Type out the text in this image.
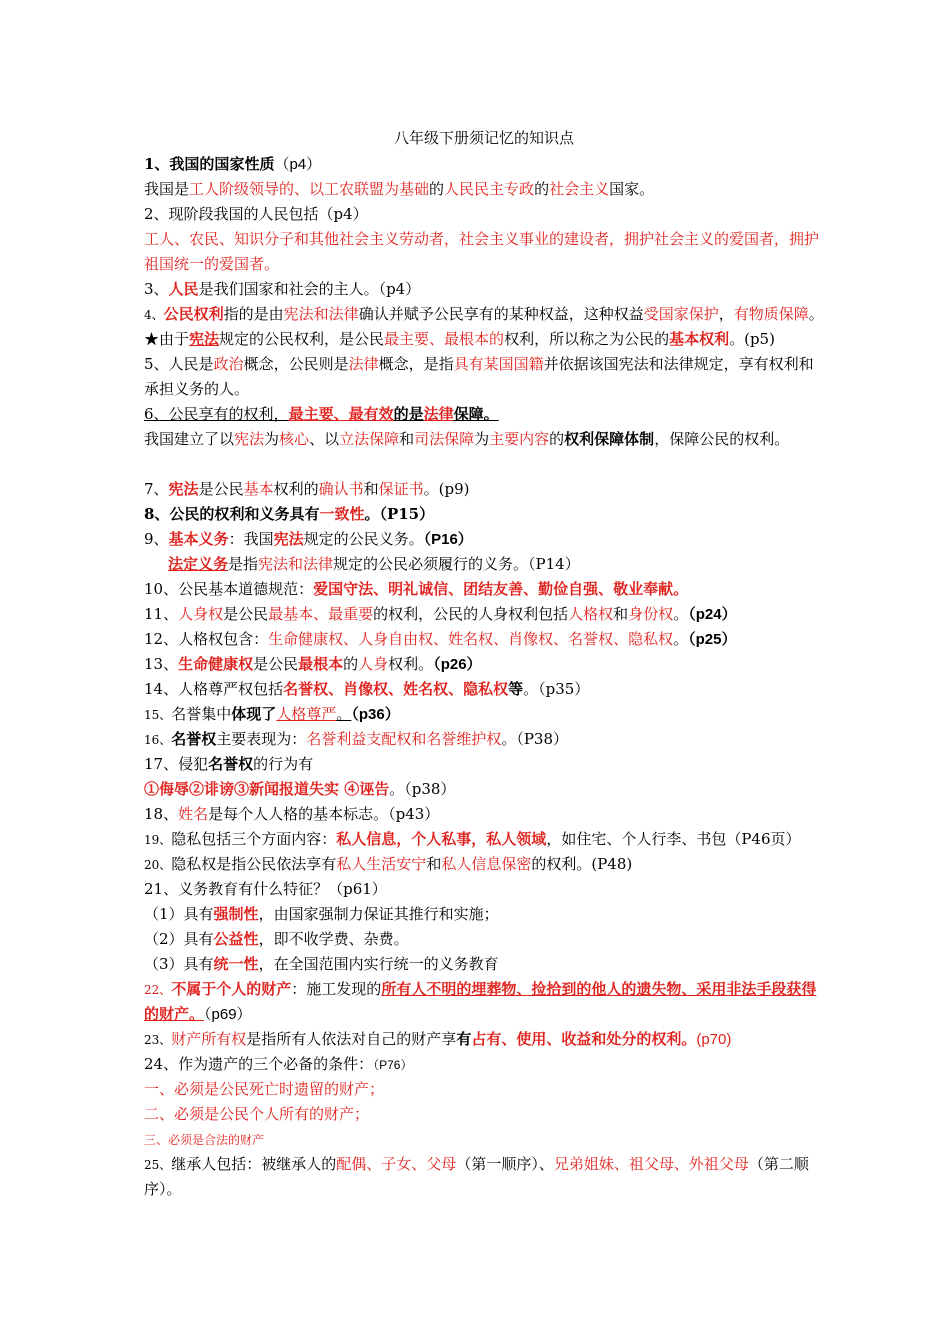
八年级下册须记忆的知识点
1、我国的国家性质（p4）
我国是工人阶级领导的、以工农联盟为基础的人民民主专政的社会主义国家。
2、现阶段我国的人民包括（p4）
工人、农民、知识分子和其他社会主义劳动者，社会主义事业的建设者，拥护社会主义的爱国者，拥护祖国统一的爱国者。
3、人民是我们国家和社会的主人。（p4）
4、公民权利指的是由宪法和法律确认并赋予公民享有的某种权益，这种权益受国家保护，有物质保障。
★由于宪法规定的公民权利，是公民最主要、最根本的权利，所以称之为公民的基本权利。(p5)
5、人民是政治概念，公民则是法律概念，是指具有某国国籍并依据该国宪法和法律规定，享有权利和承担义务的人。
6、公民享有的权利，最主要、最有效的是法律保障。
我国建立了以宪法为核心、以立法保障和司法保障为主要内容的权利保障体制，保障公民的权利。
7、宪法是公民基本权利的确认书和保证书。(p9)
8、公民的权利和义务具有一致性。（P15）
9、基本义务：我国宪法规定的公民义务。（P16）
法定义务是指宪法和法律规定的公民必须履行的义务。（P14）
10、公民基本道德规范：爱国守法、明礼诚信、团结友善、勤俭自强、敬业奉献。
11、人身权是公民最基本、最重要的权利，公民的人身权利包括人格权和身份权。（p24）
12、人格权包含：生命健康权、人身自由权、姓名权、肖像权、名誉权、隐私权。（p25）
13、生命健康权是公民最根本的人身权利。（p26）
14、人格尊严权包括名誉权、肖像权、姓名权、隐私权等。（p35）
15、名誉集中体现了人格尊严。（p36）
16、名誉权主要表现为：名誉利益支配权和名誉维护权。（P38）
17、侵犯名誉权的行为有
①侮辱②诽谤③新闻报道失实 ④诬告。（p38）
18、姓名是每个人人格的基本标志。（p43）
19、隐私包括三个方面内容：私人信息，个人私事，私人领域，如住宅、个人行李、书包（P46页）
20、隐私权是指公民依法享有私人生活安宁和私人信息保密的权利。(P48)
21、义务教育有什么特征？（p61）
（1）具有强制性，由国家强制力保证其推行和实施；
（2）具有公益性，即不收学费、杂费。
（3）具有统一性，在全国范围内实行统一的义务教育
22、不属于个人的财产：施工发现的所有人不明的埋葬物、捡拾到的他人的遗失物、采用非法手段获得的财产。（p69）
23、财产所有权是指所有人依法对自己的财产享有占有、使用、收益和处分的权利。(p70)
24、作为遗产的三个必备的条件：（P76）
一、必须是公民死亡时遗留的财产；
二、必须是公民个人所有的财产；
三、必须是合法的财产
25、继承人包括：被继承人的配偶、子女、父母（第一顺序）、兄弟姐妹、祖父母、外祖父母（第二顺序）。
